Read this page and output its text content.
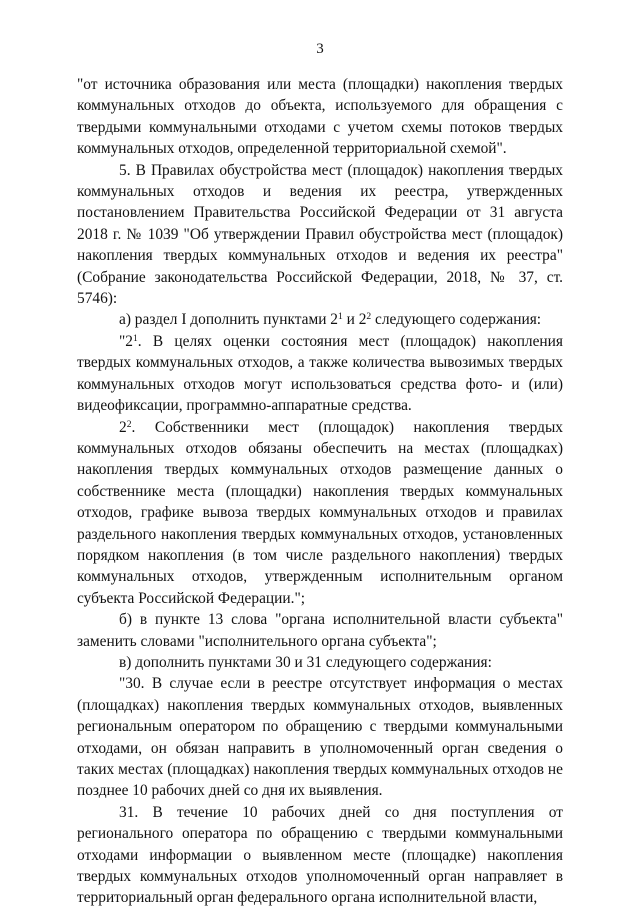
3

"от источника образования или места (площадки) накопления твердых коммунальных отходов до объекта, используемого для обращения с твердыми коммунальными отходами с учетом схемы потоков твердых коммунальных отходов, определенной территориальной схемой".

5. В Правилах обустройства мест (площадок) накопления твердых коммунальных отходов и ведения их реестра, утвержденных постановлением Правительства Российской Федерации от 31 августа 2018 г. № 1039 "Об утверждении Правил обустройства мест (площадок) накопления твердых коммунальных отходов и ведения их реестра" (Собрание законодательства Российской Федерации, 2018, № 37, ст. 5746):

а) раздел I дополнить пунктами $2^1$ и $2^2$ следующего содержания:

"$2^1$. В целях оценки состояния мест (площадок) накопления твердых коммунальных отходов, а также количества вывозимых твердых коммунальных отходов могут использоваться средства фото- и (или) видеофиксации, программно-аппаратные средства.

$2^2$. Собственники мест (площадок) накопления твердых коммунальных отходов обязаны обеспечить на местах (площадках) накопления твердых коммунальных отходов размещение данных о собственнике места (площадки) накопления твердых коммунальных отходов, графике вывоза твердых коммунальных отходов и правилах раздельного накопления твердых коммунальных отходов, установленных порядком накопления (в том числе раздельного накопления) твердых коммунальных отходов, утвержденным исполнительным органом субъекта Российской Федерации.";

б) в пункте 13 слова "органа исполнительной власти субъекта" заменить словами "исполнительного органа субъекта";

в) дополнить пунктами 30 и 31 следующего содержания:

"30. В случае если в реестре отсутствует информация о местах (площадках) накопления твердых коммунальных отходов, выявленных региональным оператором по обращению с твердыми коммунальными отходами, он обязан направить в уполномоченный орган сведения о таких местах (площадках) накопления твердых коммунальных отходов не позднее 10 рабочих дней со дня их выявления.

31. В течение 10 рабочих дней со дня поступления от регионального оператора по обращению с твердыми коммунальными отходами информации о выявленном месте (площадке) накопления твердых коммунальных отходов уполномоченный орган направляет в территориальный орган федерального органа исполнительной власти,
